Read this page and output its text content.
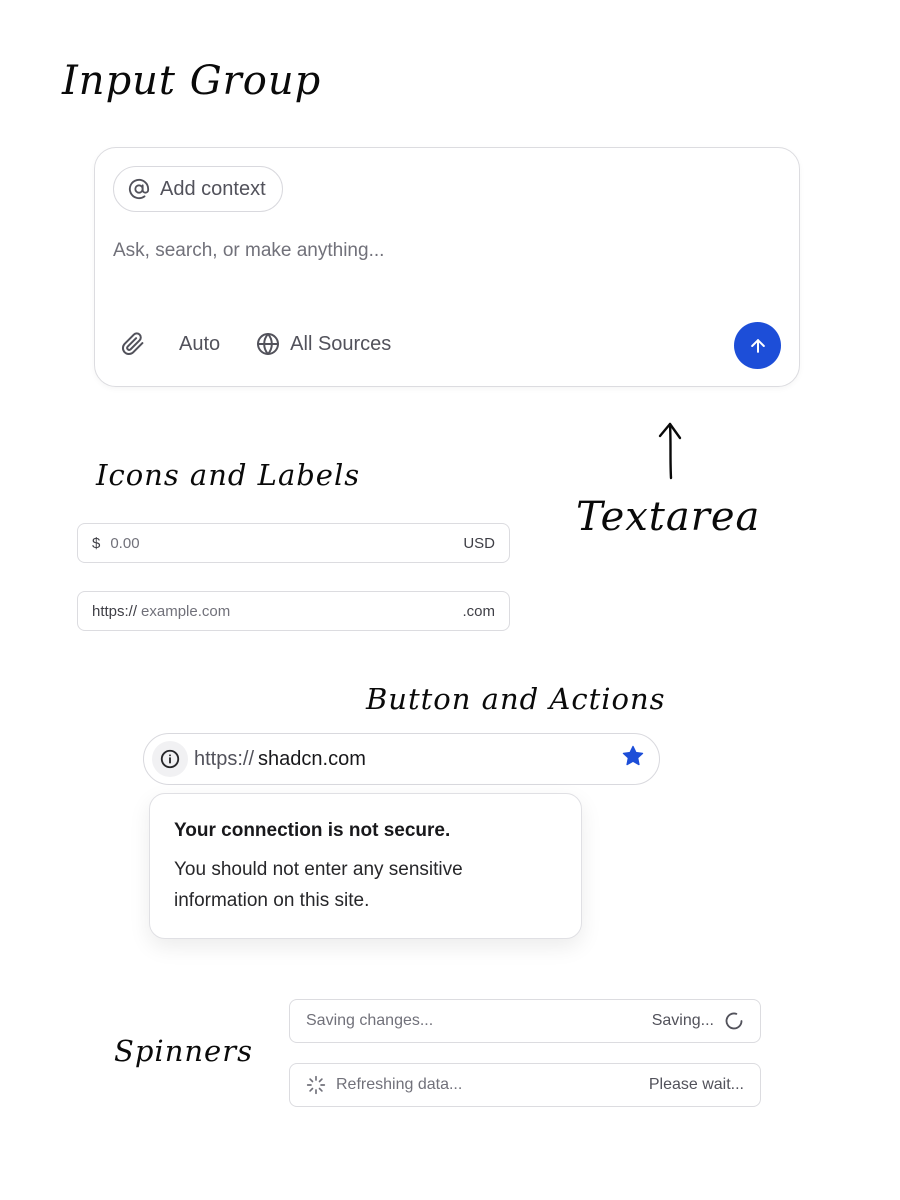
Input Group
Icons and Labels
Textarea
Button and Actions
Spinners
Add context
Ask, search, or make anything...
Auto	All Sources
$
0.00	USD
https://
example.com	.com
https:// shadcn.com
Your connection is not secure.
You should not enter any sensitive information on this site.
Saving changes...
Saving...
Refreshing data...
Please wait...
